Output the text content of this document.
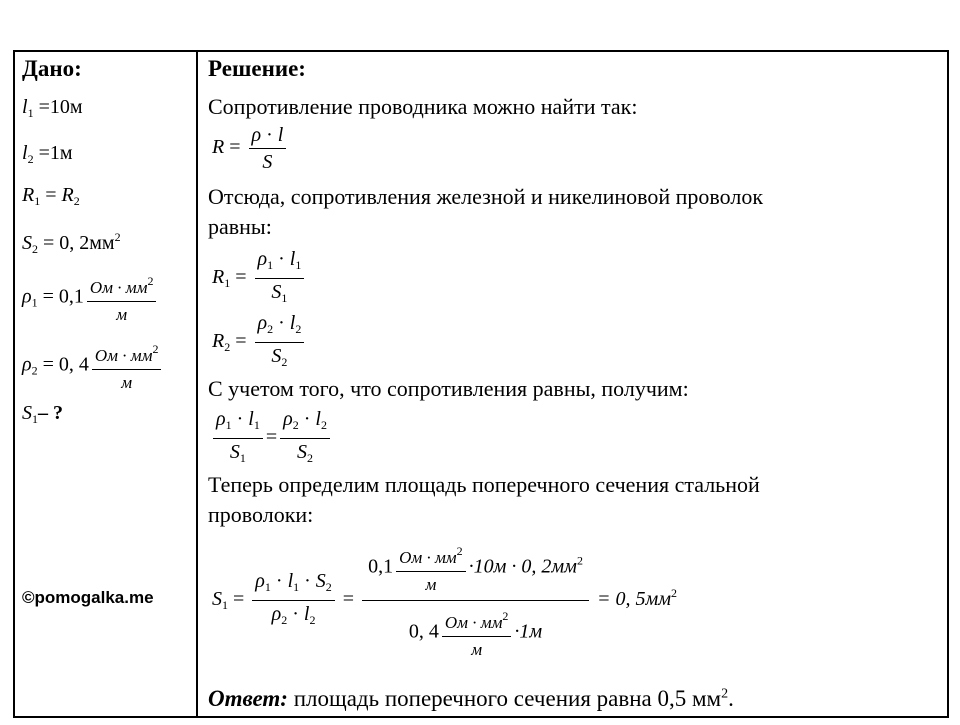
Дано:
$l_1 =10м$
$l_2 =1м$
$R_1 = R_2$
$S_2 = 0$, $2мм^2$
$\rho_1 = 0,1 \frac{Ом \cdot мм^2}{м}$
$\rho_2 = 0$, $4 \frac{Ом \cdot мм^2}{м}$
$S_1-$ ?
©pomogalka.me
Решение:
Сопротивление проводника можно найти так:
$R = \frac{\rho \cdot l}{S}$
Отсюда, сопротивления железной и никелиновой проволок
равны:
$R_1 = \frac{\rho_1 \cdot l_1}{S_1}$
$R_2 = \frac{\rho_2 \cdot l_2}{S_2}$
С учетом того, что сопротивления равны, получим:
$\frac{\rho_1 \cdot l_1}{S_1} = \frac{\rho_2 \cdot l_2}{S_2}$
Теперь определим площадь поперечного сечения стальной
проволоки:
$S_1 = \frac{\rho_1 \cdot l_1 \cdot S_2}{\rho_2 \cdot l_2} = \frac{0,1 \frac{Ом \cdot мм^2}{м} \cdot 10м \cdot 0, 2мм^2}{0, 4 \frac{Ом \cdot мм^2}{м} \cdot 1м} = 0$, $5мм^2$
Ответ: площадь поперечного сечения равна 0,5 $мм^2$.
